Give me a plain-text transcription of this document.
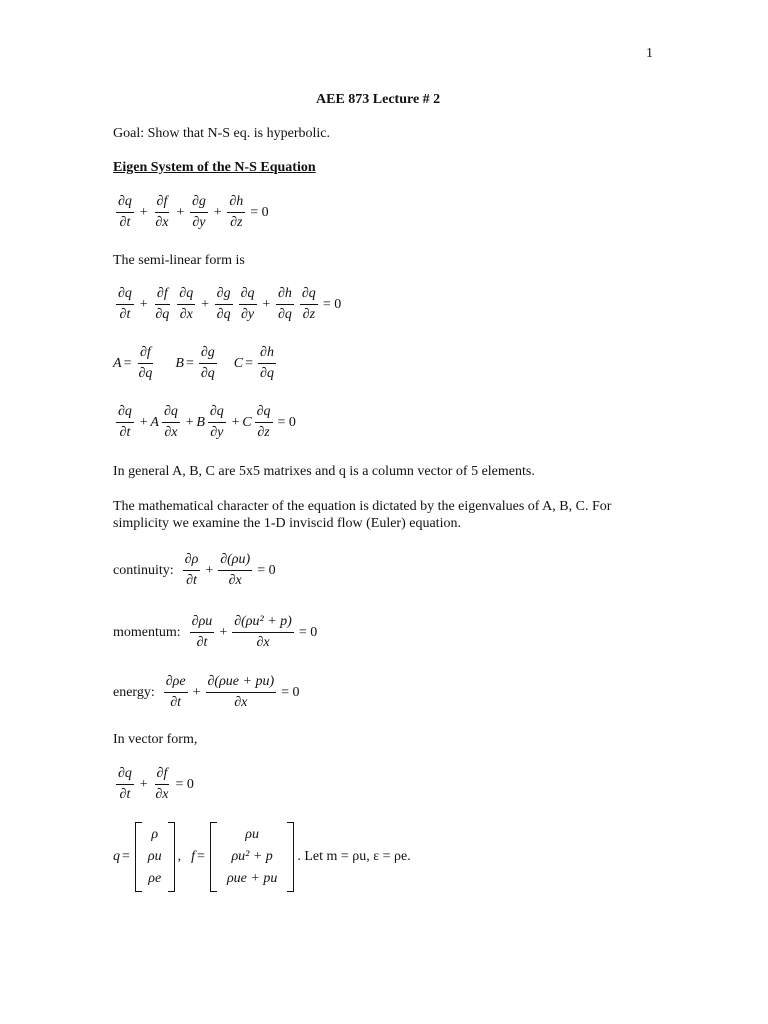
1
AEE 873 Lecture # 2
Goal: Show that N-S eq. is hyperbolic.
Eigen System of the N-S Equation
$\frac{\partial q}{\partial t} + \frac{\partial f}{\partial x} + \frac{\partial g}{\partial y} + \frac{\partial h}{\partial z} = 0$
The semi-linear form is
$\frac{\partial q}{\partial t} + \frac{\partial f}{\partial q} \frac{\partial q}{\partial x} + \frac{\partial g}{\partial q} \frac{\partial q}{\partial y} + \frac{\partial h}{\partial q} \frac{\partial q}{\partial z} = 0$
$A = \frac{\partial f}{\partial q}$ $B = \frac{\partial g}{\partial q}$ $C = \frac{\partial h}{\partial q}$
$\frac{\partial q}{\partial t} + A \frac{\partial q}{\partial x} + B \frac{\partial q}{\partial y} + C \frac{\partial q}{\partial z} = 0$
In general A, B, C are 5x5 matrixes and q is a column vector of 5 elements.
The mathematical character of the equation is dictated by the eigenvalues of A, B, C. For
simplicity we examine the 1-D inviscid flow (Euler) equation.
continuity: $\frac{\partial\rho}{\partial t} + \frac{\partial(\rho u)}{\partial x} = 0$
momentum: $\frac{\partial\rho u}{\partial t} + \frac{\text{∂(ρu² + p)}}{\partial x} = 0$
energy: $\frac{\partial\rho e}{\partial t} + \frac{\text{∂(ρue + pu)}}{\partial x} = 0$
In vector form,
$\frac{\partial q}{\partial t} + \frac{\partial f}{\partial x} = 0$
q =
ρ
ρu
ρe
, f =
ρu
ρu² + p
ρue + pu
. Let m = ρu, ε = ρe.
